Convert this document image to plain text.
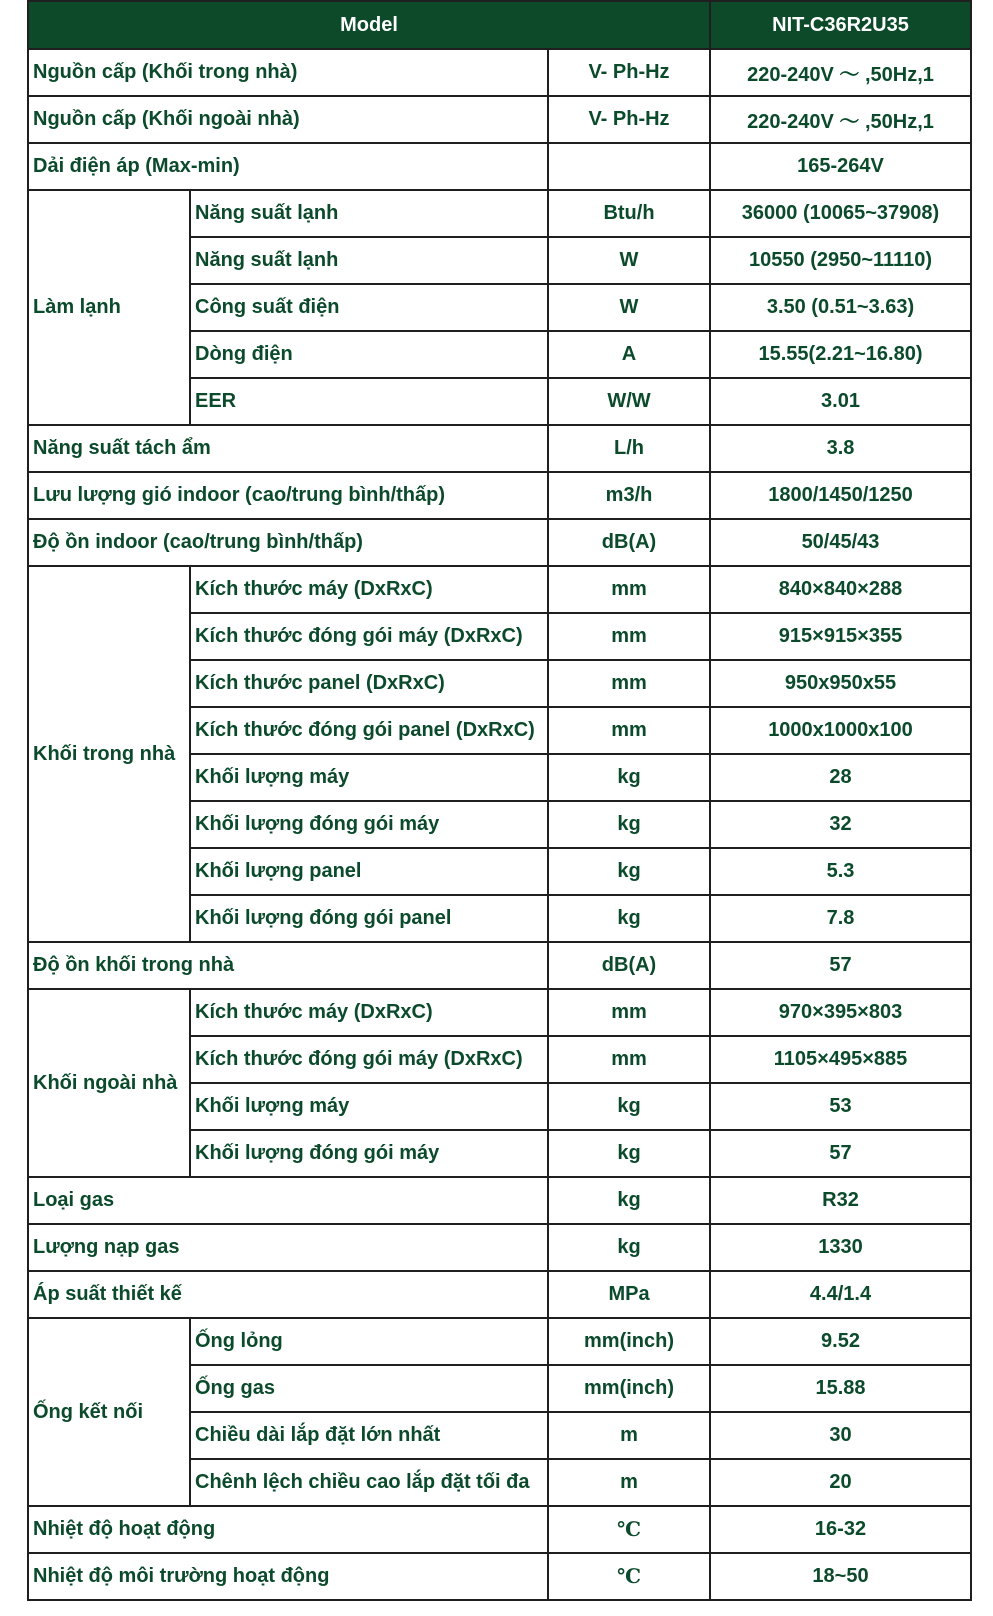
Model			NIT-C36R2U35
Nguồn cấp (Khối trong nhà)		V- Ph-Hz	220-240V ～ ,50Hz,1
Nguồn cấp (Khối ngoài nhà)		V- Ph-Hz	220-240V ～ ,50Hz,1
Dải điện áp (Max-min)			165-264V
Làm lạnh	Năng suất lạnh	Btu/h	36000 (10065~37908)
	Năng suất lạnh	W	10550 (2950~11110)
	Công suất điện	W	3.50 (0.51~3.63)
	Dòng điện	A	15.55(2.21~16.80)
	EER	W/W	3.01
Năng suất tách ẩm		L/h	3.8
Lưu lượng gió indoor (cao/trung bình/thấp)		m3/h	1800/1450/1250
Độ ồn indoor (cao/trung bình/thấp)		dB(A)	50/45/43
Khối trong nhà	Kích thước máy (DxRxC)	mm	840×840×288
	Kích thước đóng gói máy (DxRxC)	mm	915×915×355
	Kích thước panel (DxRxC)	mm	950x950x55
	Kích thước đóng gói panel (DxRxC)	mm	1000x1000x100
	Khối lượng máy	kg	28
	Khối lượng đóng gói máy	kg	32
	Khối lượng panel	kg	5.3
	Khối lượng đóng gói panel	kg	7.8
Độ ồn khối trong nhà		dB(A)	57
Khối ngoài nhà	Kích thước máy (DxRxC)	mm	970×395×803
	Kích thước đóng gói máy (DxRxC)	mm	1105×495×885
	Khối lượng máy	kg	53
	Khối lượng đóng gói máy	kg	57
Loại gas		kg	R32
Lượng nạp gas		kg	1330
Áp suất thiết kế		MPa	4.4/1.4
Ống kết nối	Ống lỏng	mm(inch)	9.52
	Ống gas	mm(inch)	15.88
	Chiều dài lắp đặt lớn nhất	m	30
	Chênh lệch chiều cao lắp đặt tối đa	m	20
Nhiệt độ hoạt động		℃	16-32
Nhiệt độ môi trường hoạt động		℃	18~50
